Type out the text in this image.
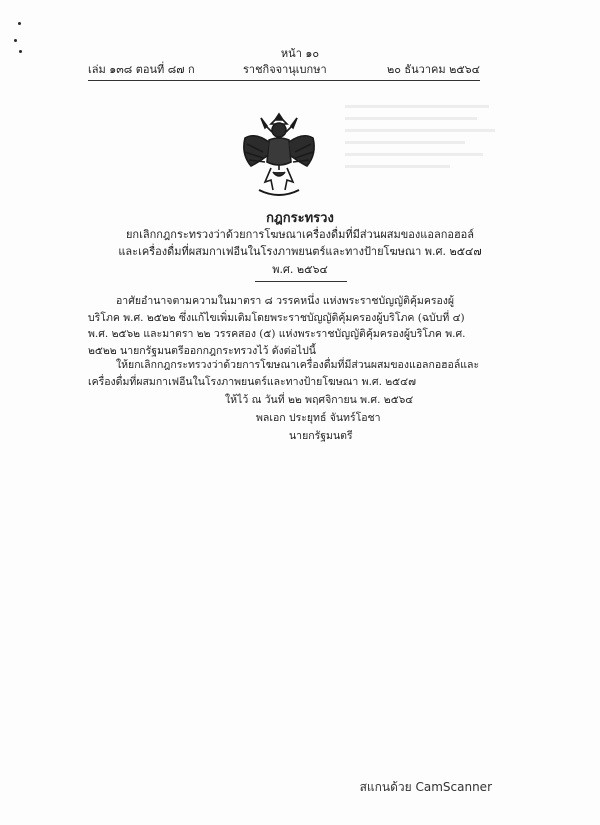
หน้า ๑๐
เล่ม ๑๓๘ ตอนที่ ๘๗ ก	ราชกิจจานุเบกษา	๒๐ ธันวาคม ๒๕๖๔
กฎกระทรวง
ยกเลิกกฎกระทรวงว่าด้วยการโฆษณาเครื่องดื่มที่มีส่วนผสมของแอลกอฮอล์
และเครื่องดื่มที่ผสมกาเฟอีนในโรงภาพยนตร์และทางป้ายโฆษณา พ.ศ. ๒๕๔๗
พ.ศ. ๒๕๖๔
อาศัยอำนาจตามความในมาตรา ๘ วรรคหนึ่ง แห่งพระราชบัญญัติคุ้มครองผู้บริโภค พ.ศ. ๒๕๒๒ ซึ่งแก้ไขเพิ่มเติมโดยพระราชบัญญัติคุ้มครองผู้บริโภค (ฉบับที่ ๔) พ.ศ. ๒๕๖๒ และมาตรา ๒๒ วรรคสอง (๕) แห่งพระราชบัญญัติคุ้มครองผู้บริโภค พ.ศ. ๒๕๒๒ นายกรัฐมนตรีออกกฎกระทรวงไว้ ดังต่อไปนี้
ให้ยกเลิกกฎกระทรวงว่าด้วยการโฆษณาเครื่องดื่มที่มีส่วนผสมของแอลกอฮอล์และเครื่องดื่มที่ผสมกาเฟอีนในโรงภาพยนตร์และทางป้ายโฆษณา พ.ศ. ๒๕๔๗
ให้ไว้ ณ วันที่ ๒๒ พฤศจิกายน พ.ศ. ๒๕๖๔
พลเอก ประยุทธ์ จันทร์โอชา
นายกรัฐมนตรี
สแกนด้วย CamScanner
